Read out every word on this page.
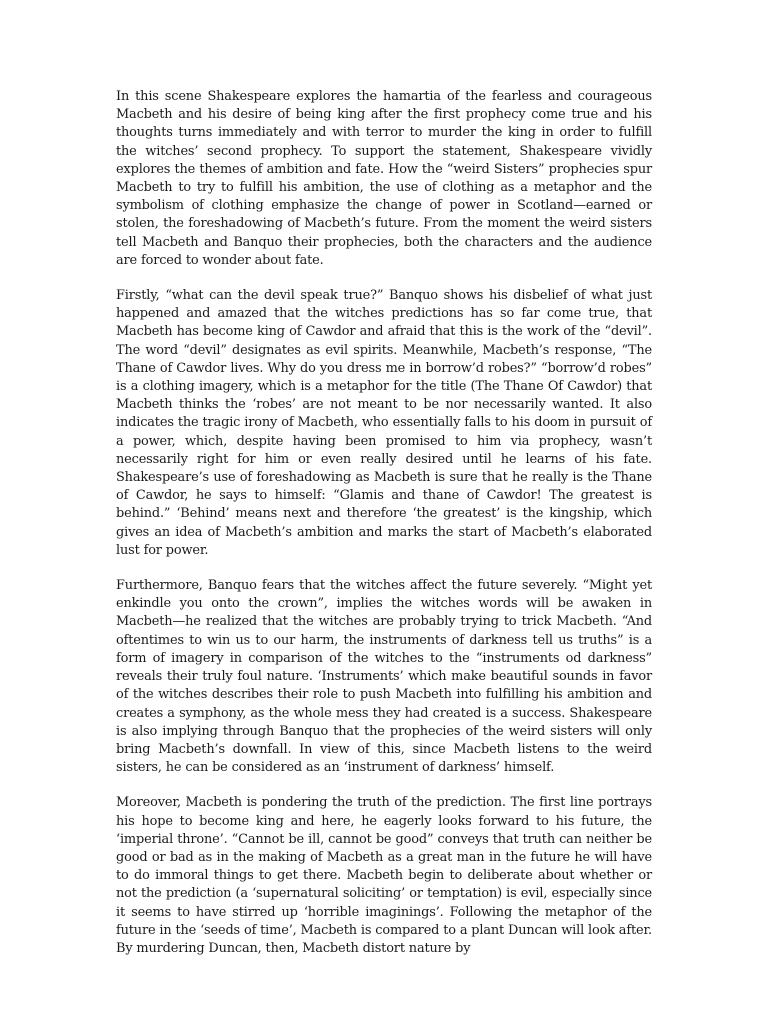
In this scene Shakespeare explores the hamartia of the fearless and courageous Macbeth and his desire of being king after the first prophecy come true and his thoughts turns immediately and with terror to murder the king in order to fulfill the witches’ second prophecy. To support the statement, Shakespeare vividly explores the themes of ambition and fate. How the “weird Sisters” prophecies spur Macbeth to try to fulfill his ambition, the use of clothing as a metaphor and the symbolism of clothing emphasize the change of power in Scotland—earned or stolen, the foreshadowing of Macbeth’s future. From the moment the weird sisters tell Macbeth and Banquo their prophecies, both the characters and the audience are forced to wonder about fate.

Firstly, “what can the devil speak true?” Banquo shows his disbelief of what just happened and amazed that the witches predictions has so far come true, that Macbeth has become king of Cawdor and afraid that this is the work of the “devil”. The word “devil” designates as evil spirits. Meanwhile, Macbeth’s response, “The Thane of Cawdor lives. Why do you dress me in borrow’d robes?” “borrow’d robes” is a clothing imagery, which is a metaphor for the title (The Thane Of Cawdor) that Macbeth thinks the ‘robes’ are not meant to be nor necessarily wanted. It also indicates the tragic irony of Macbeth, who essentially falls to his doom in pursuit of a power, which, despite having been promised to him via prophecy, wasn’t necessarily right for him or even really desired until he learns of his fate. Shakespeare’s use of foreshadowing as Macbeth is sure that he really is the Thane of Cawdor, he says to himself: “Glamis and thane of Cawdor! The greatest is behind.” ‘Behind’ means next and therefore ‘the greatest’ is the kingship, which gives an idea of Macbeth’s ambition and marks the start of Macbeth’s elaborated lust for power.

Furthermore, Banquo fears that the witches affect the future severely. “Might yet enkindle you onto the crown”, implies the witches words will be awaken in Macbeth—he realized that the witches are probably trying to trick Macbeth. “And oftentimes to win us to our harm, the instruments of darkness tell us truths” is a form of imagery in comparison of the witches to the “instruments od darkness” reveals their truly foul nature. ‘Instruments’ which make beautiful sounds in favor of the witches describes their role to push Macbeth into fulfilling his ambition and creates a symphony, as the whole mess they had created is a success. Shakespeare is also implying through Banquo that the prophecies of the weird sisters will only bring Macbeth’s downfall. In view of this, since Macbeth listens to the weird sisters, he can be considered as an ‘instrument of darkness’ himself.

Moreover, Macbeth is pondering the truth of the prediction. The first line portrays his hope to become king and here, he eagerly looks forward to his future, the ‘imperial throne’. “Cannot be ill, cannot be good” conveys that truth can neither be good or bad as in the making of Macbeth as a great man in the future he will have to do immoral things to get there. Macbeth begin to deliberate about whether or not the prediction (a ‘supernatural soliciting’ or temptation) is evil, especially since it seems to have stirred up ‘horrible imaginings’. Following the metaphor of the future in the ‘seeds of time’, Macbeth is compared to a plant Duncan will look after. By murdering Duncan, then, Macbeth distort nature by
